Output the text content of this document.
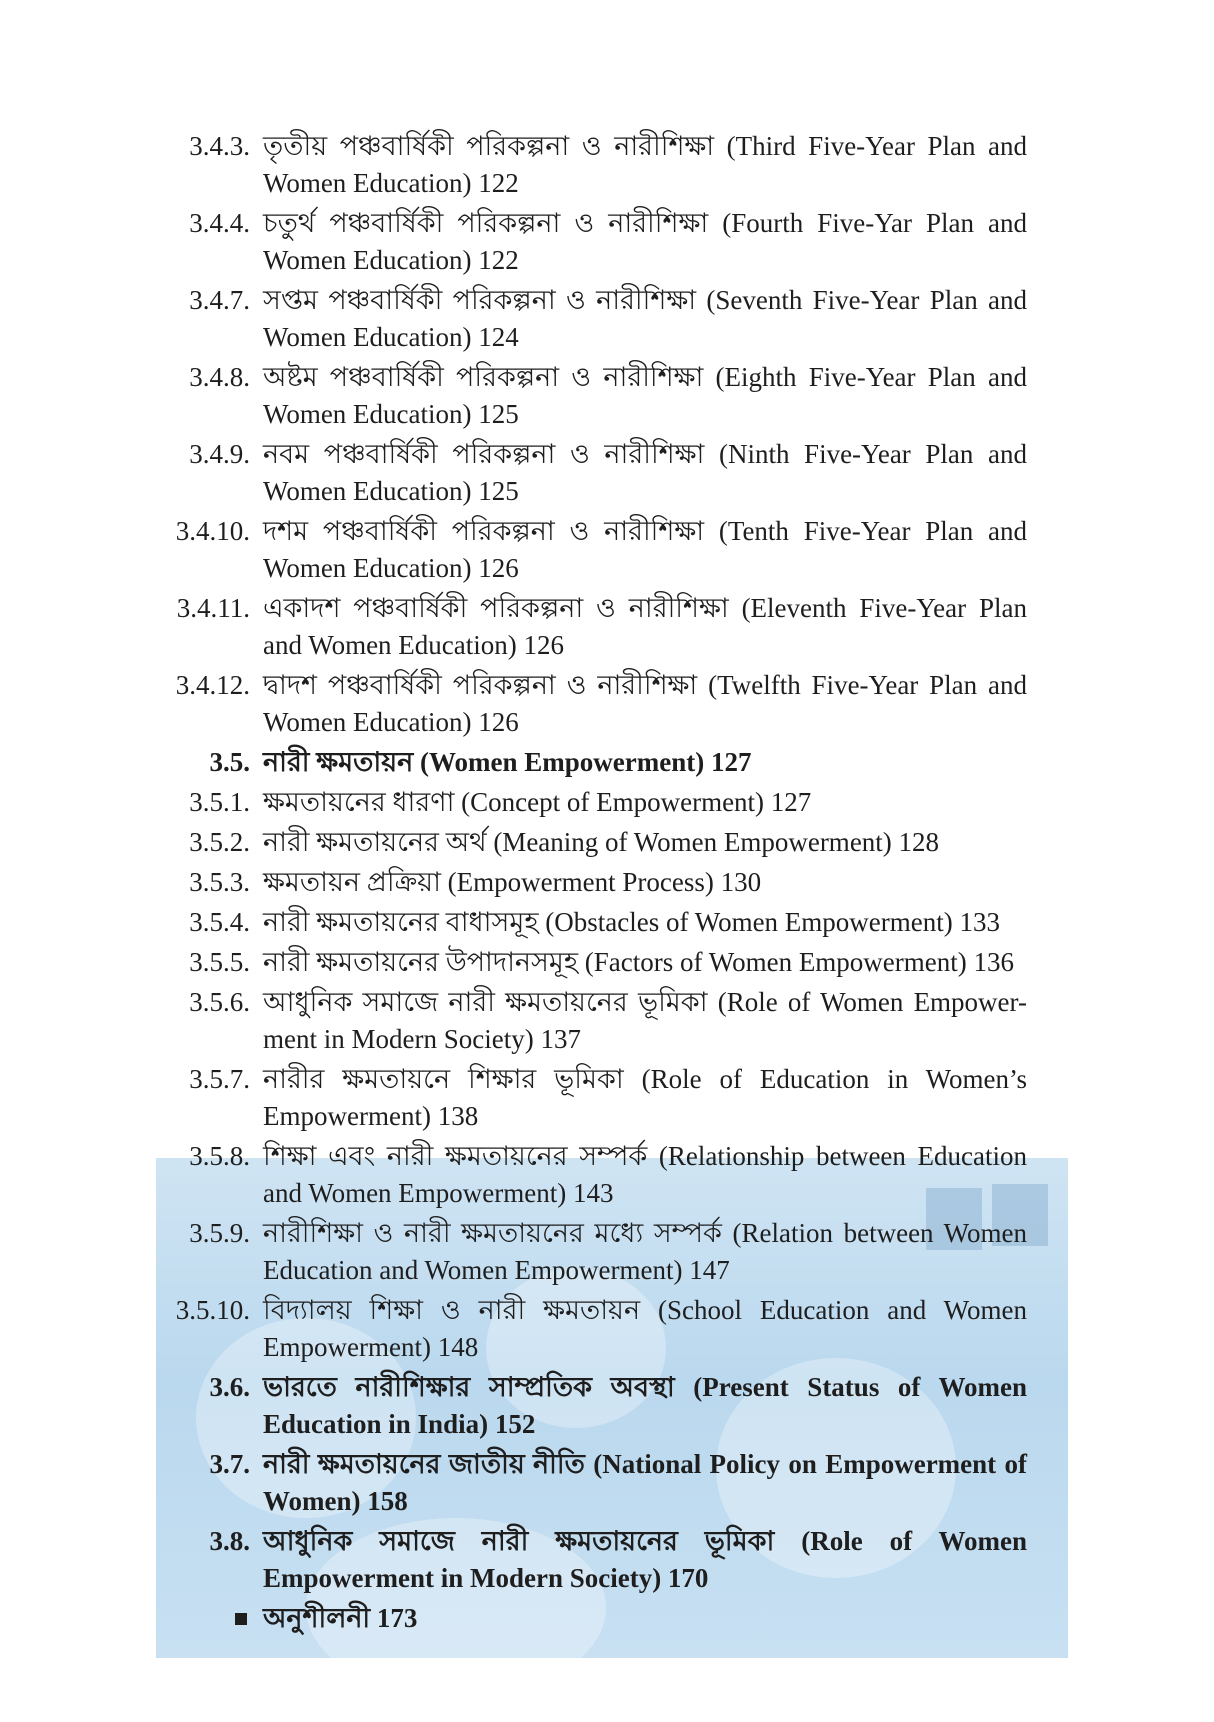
3.4.3. তৃতীয় পঞ্চবার্ষিকী পরিকল্পনা ও নারীশিক্ষা (Third Five-Year Plan and Women Education) 122
3.4.4. চতুর্থ পঞ্চবার্ষিকী পরিকল্পনা ও নারীশিক্ষা (Fourth Five-Yar Plan and Women Education) 122
3.4.7. সপ্তম পঞ্চবার্ষিকী পরিকল্পনা ও নারীশিক্ষা (Seventh Five-Year Plan and Women Education) 124
3.4.8. অষ্টম পঞ্চবার্ষিকী পরিকল্পনা ও নারীশিক্ষা (Eighth Five-Year Plan and Women Education) 125
3.4.9. নবম পঞ্চবার্ষিকী পরিকল্পনা ও নারীশিক্ষা (Ninth Five-Year Plan and Women Education) 125
3.4.10. দশম পঞ্চবার্ষিকী পরিকল্পনা ও নারীশিক্ষা (Tenth Five-Year Plan and Women Education) 126
3.4.11. একাদশ পঞ্চবার্ষিকী পরিকল্পনা ও নারীশিক্ষা (Eleventh Five-Year Plan and Women Education) 126
3.4.12. দ্বাদশ পঞ্চবার্ষিকী পরিকল্পনা ও নারীশিক্ষা (Twelfth Five-Year Plan and Women Education) 126
3.5. নারী ক্ষমতায়ন (Women Empowerment) 127
3.5.1. ক্ষমতায়নের ধারণা (Concept of Empowerment) 127
3.5.2. নারী ক্ষমতায়নের অর্থ (Meaning of Women Empowerment) 128
3.5.3. ক্ষমতায়ন প্রক্রিয়া (Empowerment Process) 130
3.5.4. নারী ক্ষমতায়নের বাধাসমূহ (Obstacles of Women Empowerment) 133
3.5.5. নারী ক্ষমতায়নের উপাদানসমূহ (Factors of Women Empowerment) 136
3.5.6. আধুনিক সমাজে নারী ক্ষমতায়নের ভূমিকা (Role of Women Empower-ment in Modern Society) 137
3.5.7. নারীর ক্ষমতায়নে শিক্ষার ভূমিকা (Role of Education in Women’s Empowerment) 138
3.5.8. শিক্ষা এবং নারী ক্ষমতায়নের সম্পর্ক (Relationship between Education and Women Empowerment) 143
3.5.9. নারীশিক্ষা ও নারী ক্ষমতায়নের মধ্যে সম্পর্ক (Relation between Women Education and Women Empowerment) 147
3.5.10. বিদ্যালয় শিক্ষা ও নারী ক্ষমতায়ন (School Education and Women Empowerment) 148
3.6. ভারতে নারীশিক্ষার সাম্প্রতিক অবস্থা (Present Status of Women Education in India) 152
3.7. নারী ক্ষমতায়নের জাতীয় নীতি (National Policy on Empowerment of Women) 158
3.8. আধুনিক সমাজে নারী ক্ষমতায়নের ভূমিকা (Role of Women Empowerment in Modern Society) 170
অনুশীলনী 173
